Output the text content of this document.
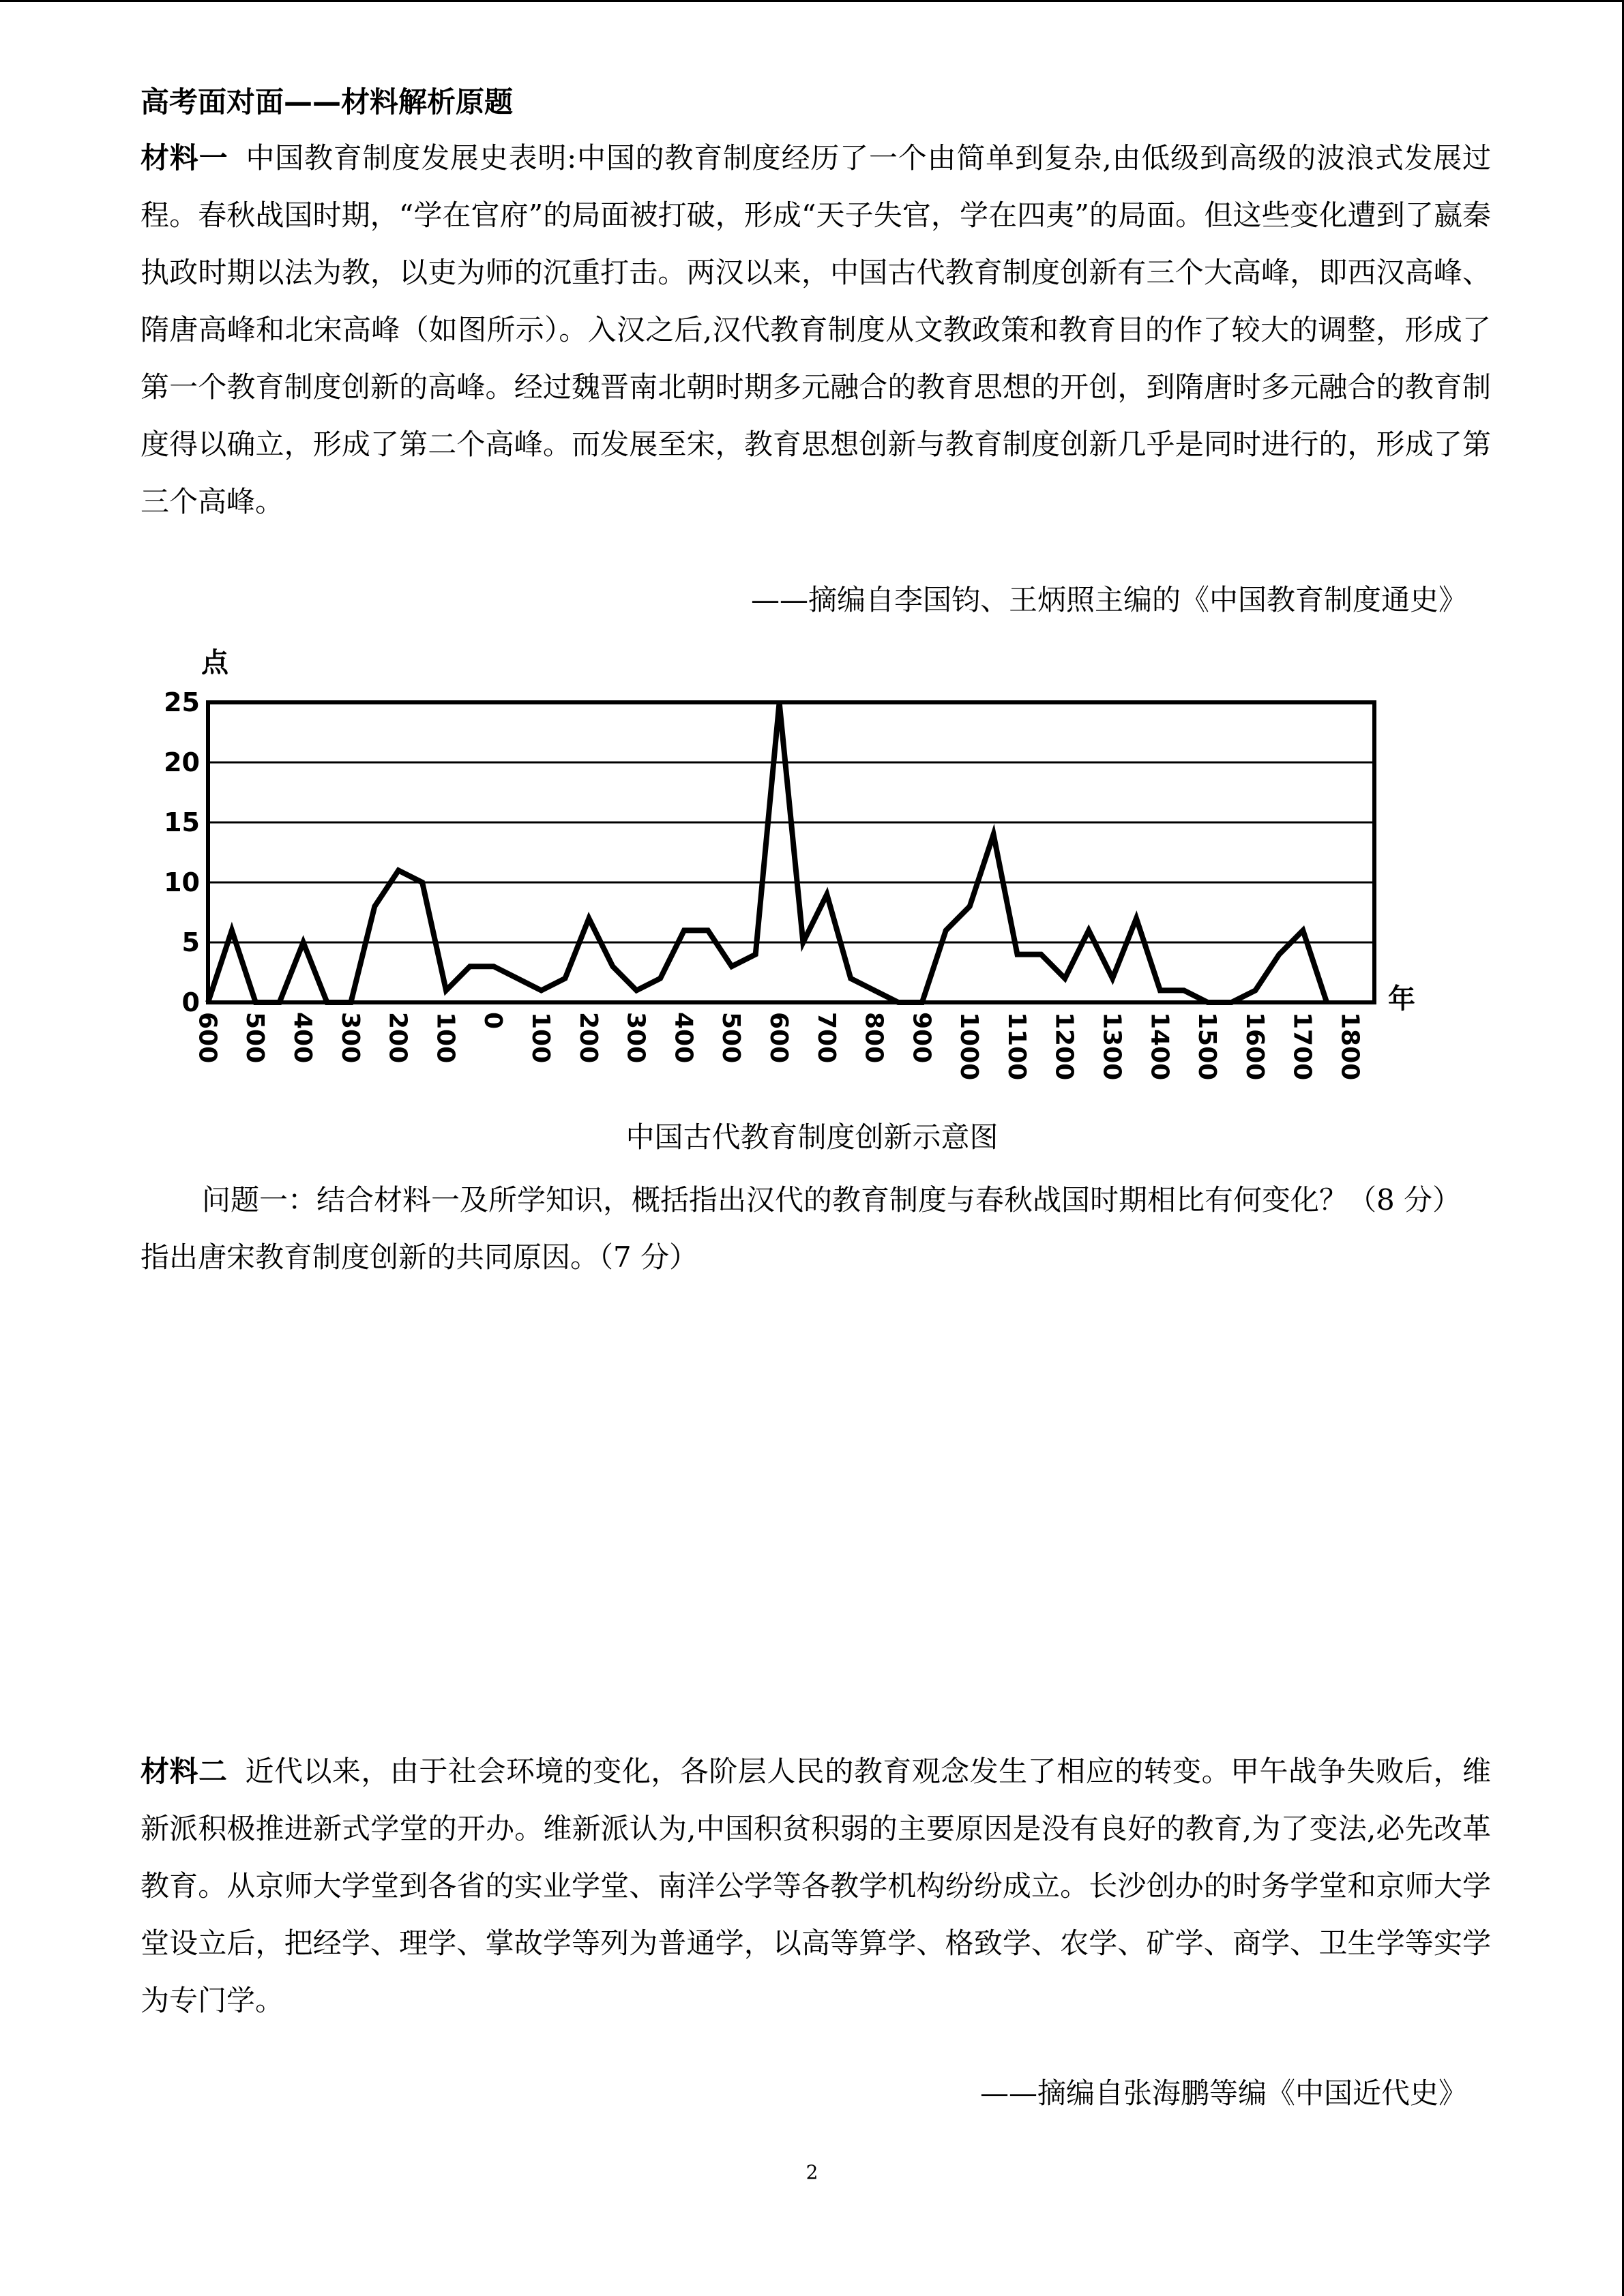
高考面对面——材料解析原题
材料一 中国教育制度发展史表明:中国的教育制度经历了一个由简单到复杂,由低级到高级的波浪式发展过程。春秋战国时期，“学在官府”的局面被打破，形成“天子失官，学在四夷”的局面。但这些变化遭到了嬴秦执政时期以法为教，以吏为师的沉重打击。两汉以来，中国古代教育制度创新有三个大高峰，即西汉高峰、隋唐高峰和北宋高峰（如图所示）。入汉之后,汉代教育制度从文教政策和教育目的作了较大的调整，形成了第一个教育制度创新的高峰。经过魏晋南北朝时期多元融合的教育思想的开创，到隋唐时多元融合的教育制度得以确立，形成了第二个高峰。而发展至宋，教育思想创新与教育制度创新几乎是同时进行的，形成了第三个高峰。
——摘编自李国钧、王炳照主编的《中国教育制度通史》
0
5
10
15
20
25
600 500 400 300 200 100 0 100 200 300 400 500 600 700 800 900 1000 1100 1200 1300 1400 1500 1600 1700 1800
点
年
中国古代教育制度创新示意图
问题一：结合材料一及所学知识，概括指出汉代的教育制度与春秋战国时期相比有何变化？（8 分）指出唐宋教育制度创新的共同原因。（7 分）
材料二 近代以来，由于社会环境的变化，各阶层人民的教育观念发生了相应的转变。甲午战争失败后，维新派积极推进新式学堂的开办。维新派认为,中国积贫积弱的主要原因是没有良好的教育,为了变法,必先改革教育。从京师大学堂到各省的实业学堂、南洋公学等各教学机构纷纷成立。长沙创办的时务学堂和京师大学堂设立后，把经学、理学、掌故学等列为普通学，以高等算学、格致学、农学、矿学、商学、卫生学等实学为专门学。
——摘编自张海鹏等编《中国近代史》
2
